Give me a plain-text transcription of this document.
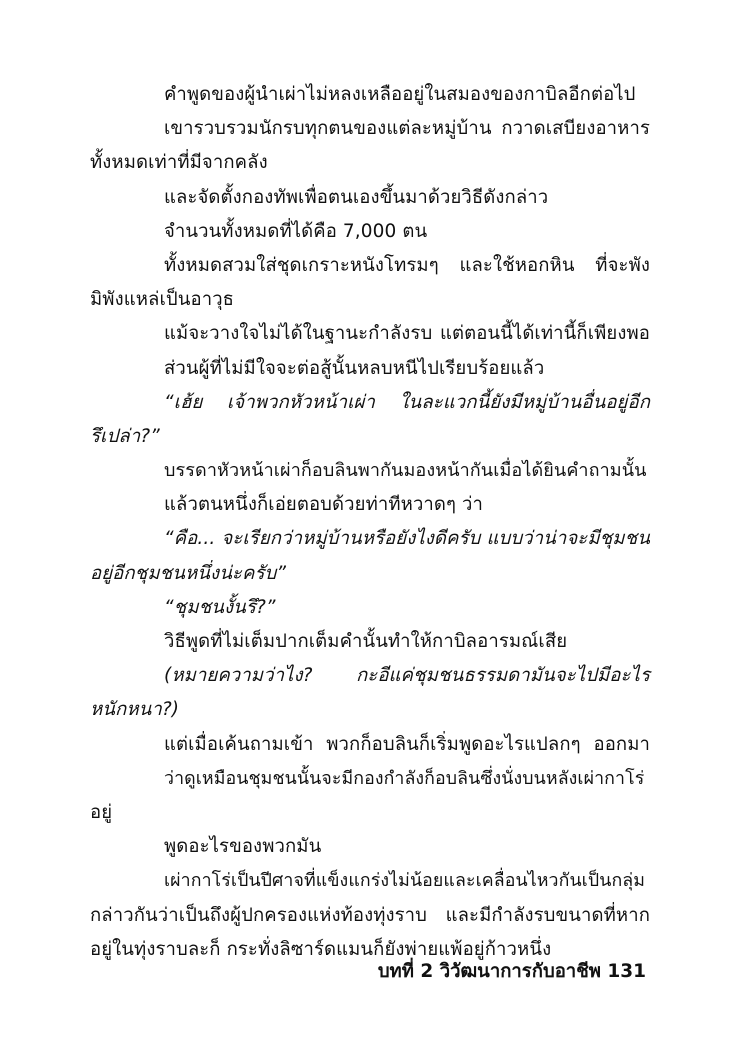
คำพูดของผู้นำเผ่าไม่หลงเหลืออยู่ในสมองของกาบิลอีกต่อไป
เขารวบรวมนักรบทุกตนของแต่ละหมู่บ้าน กวาดเสบียงอาหาร
ทั้งหมดเท่าที่มีจากคลัง
และจัดตั้งกองทัพเพื่อตนเองขึ้นมาด้วยวิธีดังกล่าว
จำนวนทั้งหมดที่ได้คือ 7,000 ตน
ทั้งหมดสวมใส่ชุดเกราะหนังโทรมๆ และใช้หอกหิน ที่จะพัง
มิพังแหล่เป็นอาวุธ
แม้จะวางใจไม่ได้ในฐานะกำลังรบ แต่ตอนนี้ได้เท่านี้ก็เพียงพอ
ส่วนผู้ที่ไม่มีใจจะต่อสู้นั้นหลบหนีไปเรียบร้อยแล้ว
“เฮ้ย เจ้าพวกหัวหน้าเผ่า ในละแวกนี้ยังมีหมู่บ้านอื่นอยู่อีก
รึเปล่า?”
บรรดาหัวหน้าเผ่าก็อบลินพากันมองหน้ากันเมื่อได้ยินคำถามนั้น
แล้วตนหนึ่งก็เอ่ยตอบด้วยท่าทีหวาดๆ ว่า
“คือ... จะเรียกว่าหมู่บ้านหรือยังไงดีครับ แบบว่าน่าจะมีชุมชน
อยู่อีกชุมชนหนึ่งน่ะครับ”
“ชุมชนงั้นรึ?”
วิธีพูดที่ไม่เต็มปากเต็มคำนั้นทำให้กาบิลอารมณ์เสีย
(หมายความว่าไง? กะอีแค่ชุมชนธรรมดามันจะไปมีอะไร
หนักหนา?)
แต่เมื่อเค้นถามเข้า พวกก็อบลินก็เริ่มพูดอะไรแปลกๆ ออกมา
ว่าดูเหมือนชุมชนนั้นจะมีกองกำลังก็อบลินซึ่งนั่งบนหลังเผ่ากาโร่
อยู่
พูดอะไรของพวกมัน
เผ่ากาโร่เป็นปีศาจที่แข็งแกร่งไม่น้อยและเคลื่อนไหวกันเป็นกลุ่ม
กล่าวกันว่าเป็นถึงผู้ปกครองแห่งท้องทุ่งราบ และมีกำลังรบขนาดที่หาก
อยู่ในทุ่งราบละก็ กระทั่งลิซาร์ดแมนก็ยังพ่ายแพ้อยู่ก้าวหนึ่ง
บทที่ 2 วิวัฒนาการกับอาชีพ 131
